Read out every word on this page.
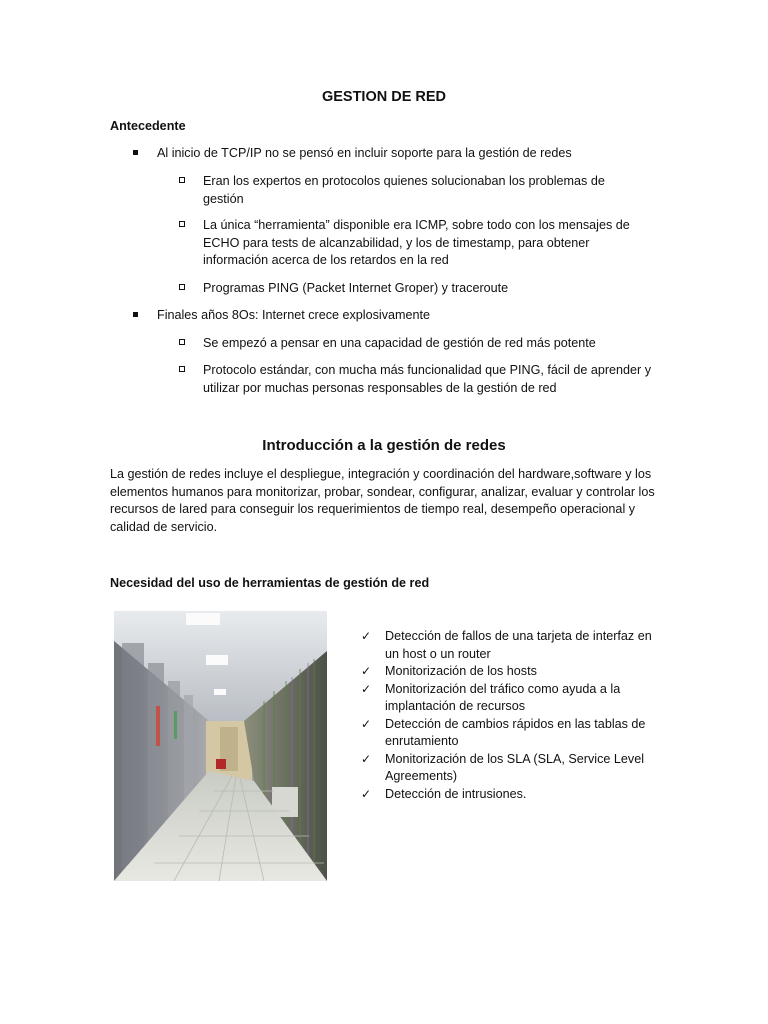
GESTION DE RED
Antecedente
Al inicio de TCP/IP no se pensó en incluir soporte para la gestión de redes
Eran los expertos en protocolos quienes solucionaban los problemas de gestión
La única “herramienta” disponible era ICMP, sobre todo con los mensajes de ECHO para tests de alcanzabilidad, y los de timestamp, para obtener información acerca de los retardos en la red
Programas PING (Packet Internet Groper) y traceroute
Finales años 8Os: Internet crece explosivamente
Se empezó a pensar en una capacidad de gestión de red más potente
Protocolo estándar, con mucha más funcionalidad que PING, fácil de aprender y utilizar por muchas personas responsables de la gestión de red
Introducción a la gestión de redes

La gestión de redes incluye el despliegue, integración y coordinación del hardware,software y los elementos humanos para monitorizar, probar, sondear, configurar, analizar, evaluar y controlar los recursos de lared para conseguir los requerimientos de tiempo real, desempeño operacional y calidad de servicio.

Necesidad del uso de herramientas de gestión de red
✓ Detección de fallos de una tarjeta de interfaz en un host o un router
✓ Monitorización de los hosts
✓ Monitorización del tráfico como ayuda a la implantación de recursos
✓ Detección de cambios rápidos en las tablas de enrutamiento
✓ Monitorización de los SLA (SLA, Service Level Agreements)
✓ Detección de intrusiones.
